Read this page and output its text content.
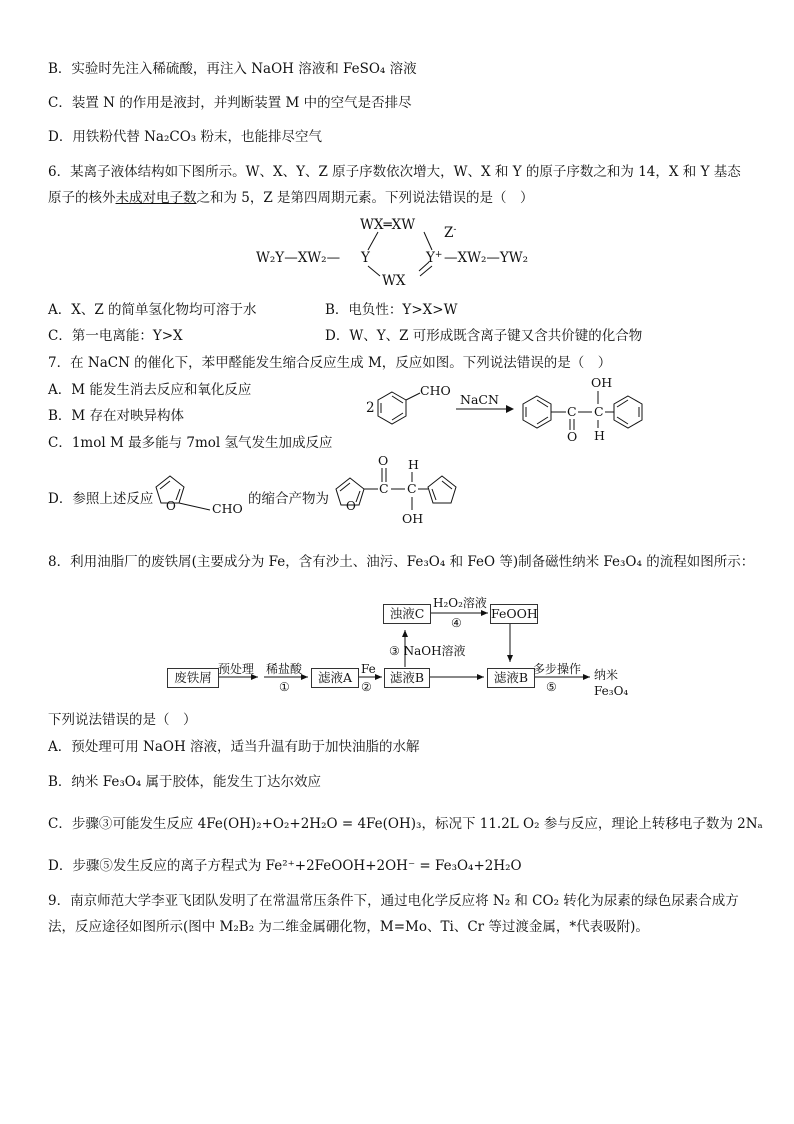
B．实验时先注入稀硫酸，再注入 NaOH 溶液和 FeSO₄ 溶液
C．装置 N 的作用是液封，并判断装置 M 中的空气是否排尽
D．用铁粉代替 Na₂CO₃ 粉末，也能排尽空气
6．某离子液体结构如下图所示。W、X、Y、Z 原子序数依次增大，W、X 和 Y 的原子序数之和为 14，X 和 Y 基态
原子的核外未成对电子数之和为 5，Z 是第四周期元素。下列说法错误的是（　）
WX═XW Z-
W₂Y—XW₂— Y	Y+ —XW₂—YW₂
WX
A．X、Z 的简单氢化物均可溶于水	B．电负性：Y>X>W
C．第一电离能：Y>X	D．W、Y、Z 可形成既含离子键又含共价键的化合物
7．在 NaCN 的催化下，苯甲醛能发生缩合反应生成 M，反应如图。下列说法错误的是（　）
A．M 能发生消去反应和氧化反应
B．M 存在对映异构体
C．1mol M 最多能与 7mol 氢气发生加成反应
2
CHO
NaCN
OH
C C
O H
D．参照上述反应 O	CHO
的缩合产物为 O
O H
C C
OH
8．利用油脂厂的废铁屑(主要成分为 Fe，含有沙土、油污、Fe₃O₄ 和 FeO 等)制备磁性纳米 Fe₃O₄ 的流程如图所示：
废铁屑	滤液A	滤液B
浊液C	FeOOH
滤液B
预处理 稀盐酸
①
Fe
②
③ NaOH溶液
H₂O₂溶液
④
多步操作
⑤
纳米
Fe₃O₄
下列说法错误的是（　）
A．预处理可用 NaOH 溶液，适当升温有助于加快油脂的水解
B．纳米 Fe₃O₄ 属于胶体，能发生丁达尔效应
C．步骤③可能发生反应 4Fe(OH)₂+O₂+2H₂O = 4Fe(OH)₃，标况下 11.2L O₂ 参与反应，理论上转移电子数为 2Nₐ
D．步骤⑤发生反应的离子方程式为 Fe²⁺+2FeOOH+2OH⁻ = Fe₃O₄+2H₂O
9．南京师范大学李亚飞团队发明了在常温常压条件下，通过电化学反应将 N₂ 和 CO₂ 转化为尿素的绿色尿素合成方
法，反应途径如图所示(图中 M₂B₂ 为二维金属硼化物，M=Mo、Ti、Cr 等过渡金属，*代表吸附)。
